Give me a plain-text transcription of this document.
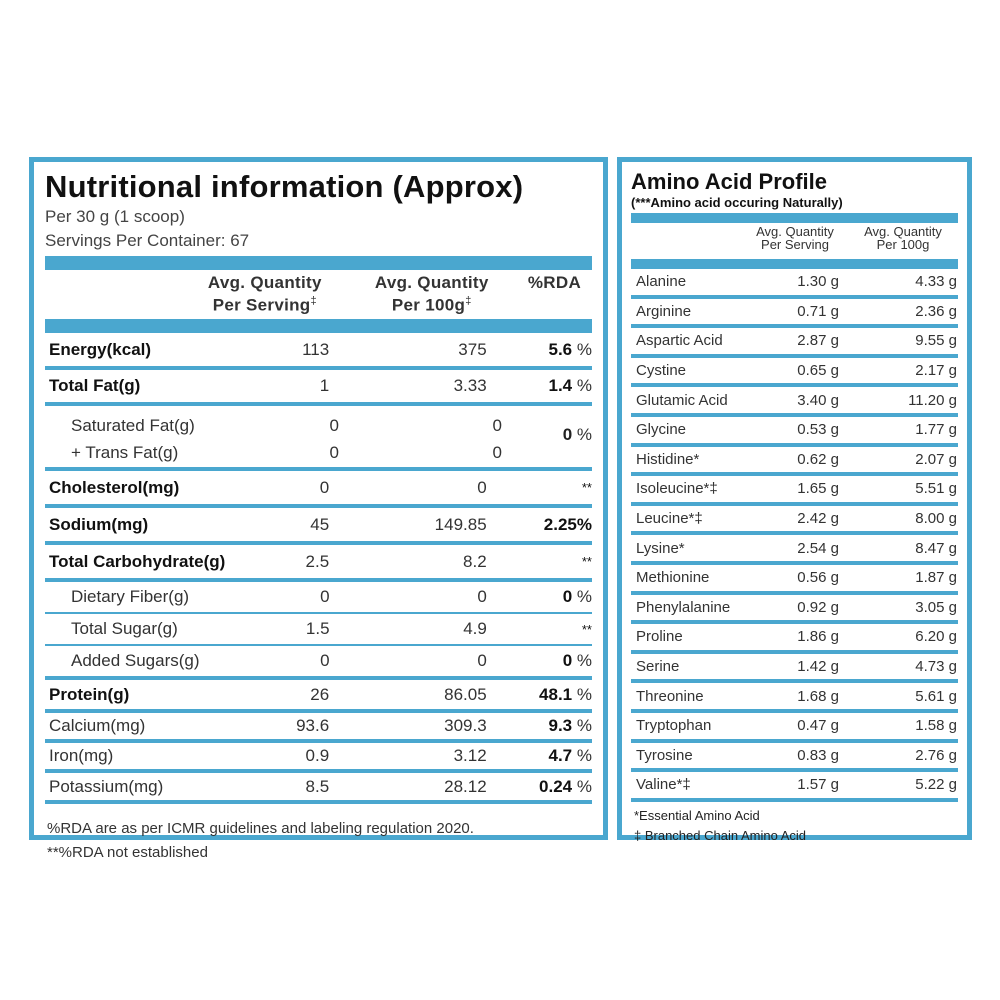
Nutritional information (Approx)
Per 30 g (1 scoop)
Servings Per Container: 67
Avg. Quantity
Per Serving‡
Avg. Quantity
Per 100g‡
%RDA
Energy(kcal)	113	375	5.6 %
Total Fat(g)	1	3.33	1.4 %
Saturated Fat(g)	0	0
+ Trans Fat(g)	0	0
0 %
Cholesterol(mg)	0	0	**
Sodium(mg)	45	149.85	2.25%
Total Carbohydrate(g)	2.5	8.2	**
Dietary Fiber(g)	0	0	0 %
Total Sugar(g)	1.5	4.9	**
Added Sugars(g)	0	0	0 %
Protein(g)	26	86.05	48.1 %
Calcium(mg)	93.6	309.3	9.3 %
Iron(mg)	0.9	3.12	4.7 %
Potassium(mg)	8.5	28.12	0.24 %
%RDA are as per ICMR guidelines and labeling regulation 2020.
**%RDA not established
Amino Acid Profile
(***Amino acid occuring Naturally)
Avg. Quantity
Per Serving
Avg. Quantity
Per 100g
Alanine	1.30 g	4.33 g
Arginine	0.71 g	2.36 g
Aspartic Acid	2.87 g	9.55 g
Cystine	0.65 g	2.17 g
Glutamic Acid	3.40 g	11.20 g
Glycine	0.53 g	1.77 g
Histidine*	0.62 g	2.07 g
Isoleucine*‡	1.65 g	5.51 g
Leucine*‡	2.42 g	8.00 g
Lysine*	2.54 g	8.47 g
Methionine	0.56 g	1.87 g
Phenylalanine	0.92 g	3.05 g
Proline	1.86 g	6.20 g
Serine	1.42 g	4.73 g
Threonine	1.68 g	5.61 g
Tryptophan	0.47 g	1.58 g
Tyrosine	0.83 g	2.76 g
Valine*‡	1.57 g	5.22 g
*Essential Amino Acid
‡ Branched Chain Amino Acid
